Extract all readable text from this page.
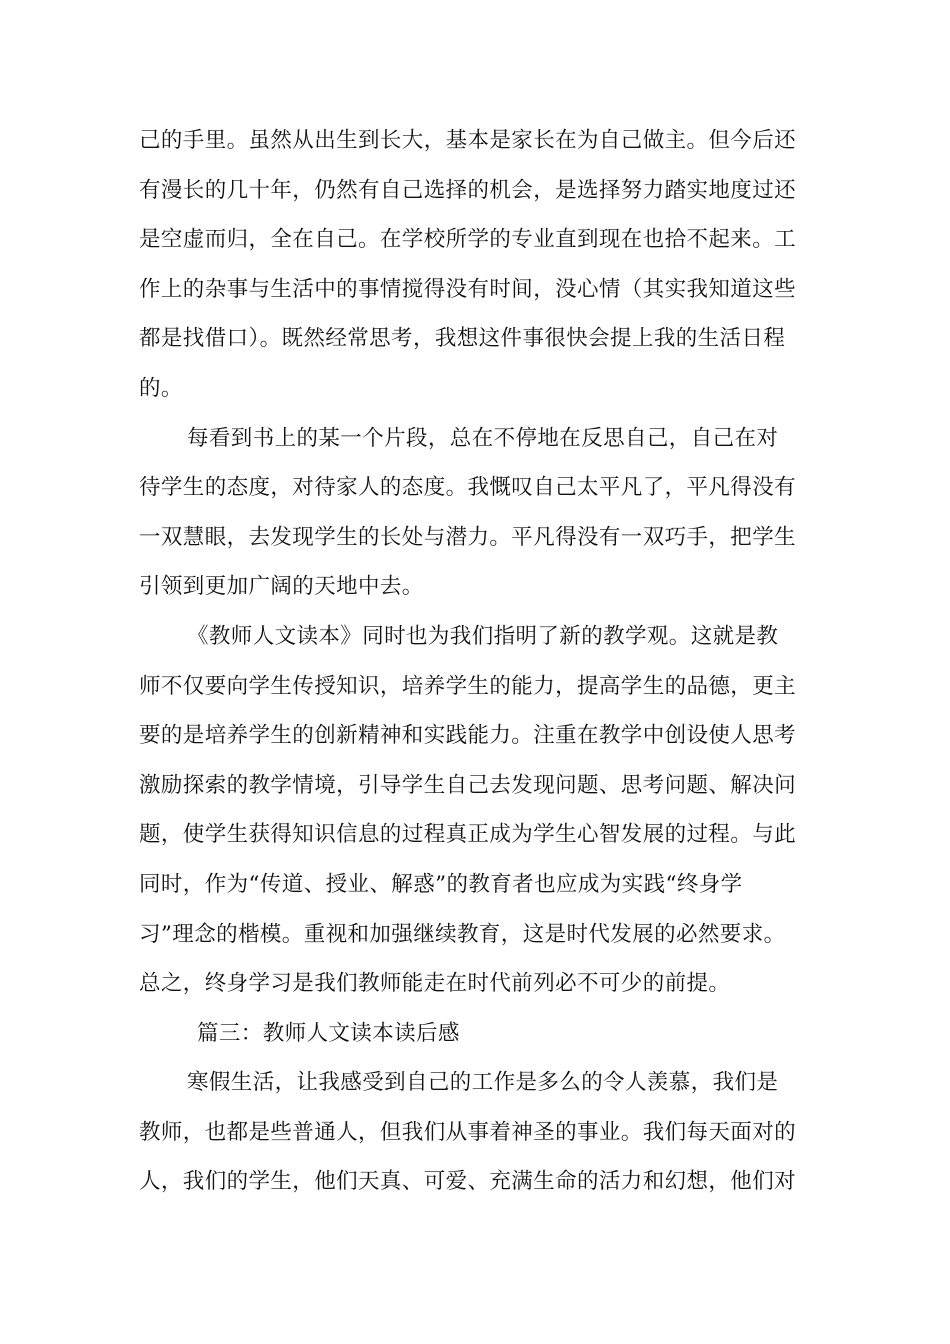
己的手里。虽然从出生到长大，基本是家长在为自己做主。但今后还
有漫长的几十年，仍然有自己选择的机会，是选择努力踏实地度过还
是空虚而归，全在自己。在学校所学的专业直到现在也拾不起来。工
作上的杂事与生活中的事情搅得没有时间，没心情（其实我知道这些
都是找借口）。既然经常思考，我想这件事很快会提上我的生活日程
的。
每看到书上的某一个片段，总在不停地在反思自己，自己在对
待学生的态度，对待家人的态度。我慨叹自己太平凡了，平凡得没有
一双慧眼，去发现学生的长处与潜力。平凡得没有一双巧手，把学生
引领到更加广阔的天地中去。
《教师人文读本》同时也为我们指明了新的教学观。这就是教
师不仅要向学生传授知识，培养学生的能力，提高学生的品德，更主
要的是培养学生的创新精神和实践能力。注重在教学中创设使人思考
激励探索的教学情境，引导学生自己去发现问题、思考问题、解决问
题，使学生获得知识信息的过程真正成为学生心智发展的过程。与此
同时，作为“传道、授业、解惑”的教育者也应成为实践“终身学
习”理念的楷模。重视和加强继续教育，这是时代发展的必然要求。
总之，终身学习是我们教师能走在时代前列必不可少的前提。
篇三：教师人文读本读后感
寒假生活，让我感受到自己的工作是多么的令人羡慕，我们是
教师，也都是些普通人，但我们从事着神圣的事业。我们每天面对的
人，我们的学生，他们天真、可爱、充满生命的活力和幻想，他们对
